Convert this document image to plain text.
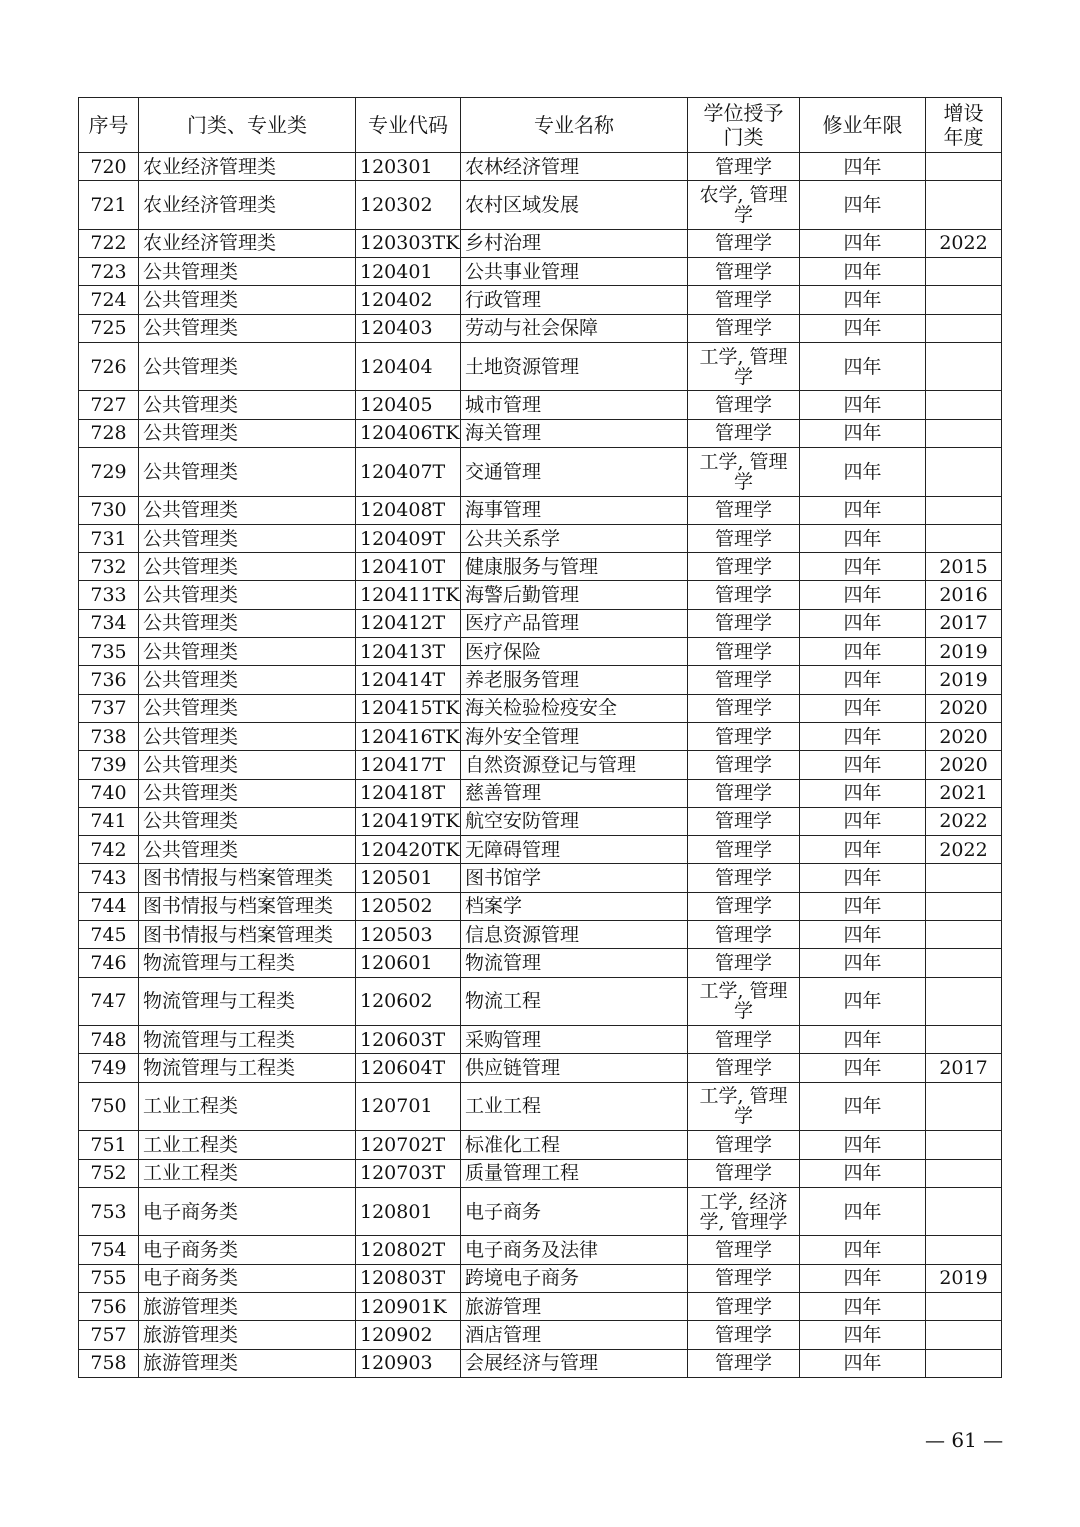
序号	门类、专业类	专业代码	专业名称	学位授予门类	修业年限	增设年度
720	农业经济管理类	120301	农林经济管理	管理学	四年	
721	农业经济管理类	120302	农村区域发展	农学, 管理学	四年	
722	农业经济管理类	120303TK	乡村治理	管理学	四年	2022
723	公共管理类	120401	公共事业管理	管理学	四年	
724	公共管理类	120402	行政管理	管理学	四年	
725	公共管理类	120403	劳动与社会保障	管理学	四年	
726	公共管理类	120404	土地资源管理	工学, 管理学	四年	
727	公共管理类	120405	城市管理	管理学	四年	
728	公共管理类	120406TK	海关管理	管理学	四年	
729	公共管理类	120407T	交通管理	工学, 管理学	四年	
730	公共管理类	120408T	海事管理	管理学	四年	
731	公共管理类	120409T	公共关系学	管理学	四年	
732	公共管理类	120410T	健康服务与管理	管理学	四年	2015
733	公共管理类	120411TK	海警后勤管理	管理学	四年	2016
734	公共管理类	120412T	医疗产品管理	管理学	四年	2017
735	公共管理类	120413T	医疗保险	管理学	四年	2019
736	公共管理类	120414T	养老服务管理	管理学	四年	2019
737	公共管理类	120415TK	海关检验检疫安全	管理学	四年	2020
738	公共管理类	120416TK	海外安全管理	管理学	四年	2020
739	公共管理类	120417T	自然资源登记与管理	管理学	四年	2020
740	公共管理类	120418T	慈善管理	管理学	四年	2021
741	公共管理类	120419TK	航空安防管理	管理学	四年	2022
742	公共管理类	120420TK	无障碍管理	管理学	四年	2022
743	图书情报与档案管理类	120501	图书馆学	管理学	四年	
744	图书情报与档案管理类	120502	档案学	管理学	四年	
745	图书情报与档案管理类	120503	信息资源管理	管理学	四年	
746	物流管理与工程类	120601	物流管理	管理学	四年	
747	物流管理与工程类	120602	物流工程	工学, 管理学	四年	
748	物流管理与工程类	120603T	采购管理	管理学	四年	
749	物流管理与工程类	120604T	供应链管理	管理学	四年	2017
750	工业工程类	120701	工业工程	工学, 管理学	四年	
751	工业工程类	120702T	标准化工程	管理学	四年	
752	工业工程类	120703T	质量管理工程	管理学	四年	
753	电子商务类	120801	电子商务	工学, 经济学, 管理学	四年	
754	电子商务类	120802T	电子商务及法律	管理学	四年	
755	电子商务类	120803T	跨境电子商务	管理学	四年	2019
756	旅游管理类	120901K	旅游管理	管理学	四年	
757	旅游管理类	120902	酒店管理	管理学	四年	
758	旅游管理类	120903	会展经济与管理	管理学	四年	
— 61 —
